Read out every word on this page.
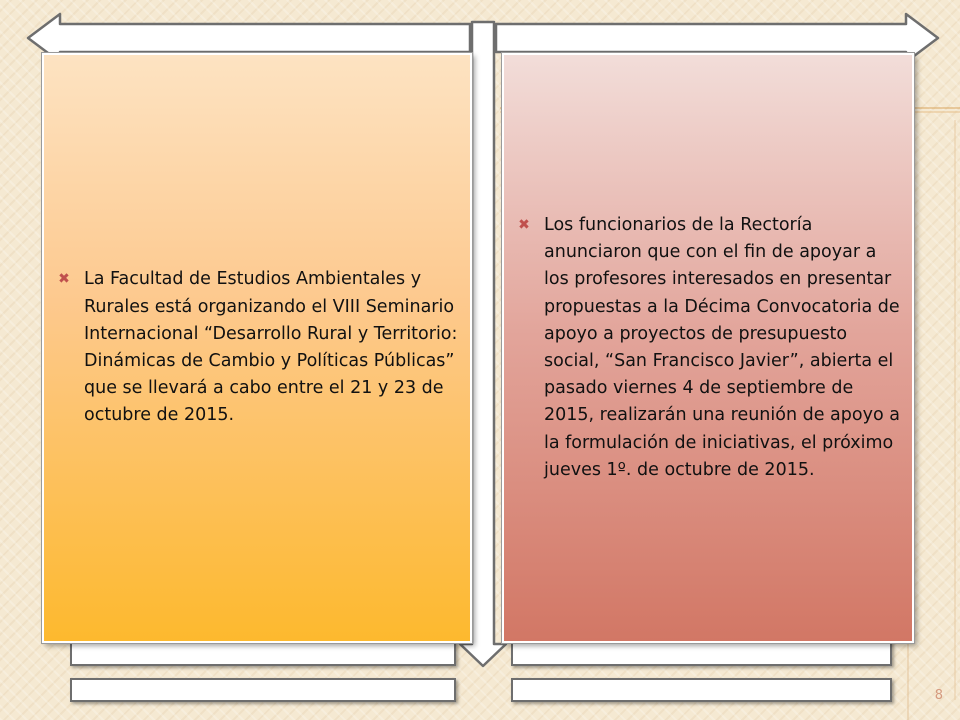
✖ La Facultad de Estudios Ambientales y Rurales está organizando el VIII Seminario Internacional “Desarrollo Rural y Territorio: Dinámicas de Cambio y Políticas Públicas” que se llevará a cabo entre el 21 y 23 de octubre de 2015.

✖ Los funcionarios de la Rectoría anunciaron que con el fin de apoyar a los profesores interesados en presentar propuestas a la Décima Convocatoria de apoyo a proyectos de presupuesto social, “San Francisco Javier”, abierta el pasado viernes 4 de septiembre de 2015, realizarán una reunión de apoyo a la formulación de iniciativas, el próximo jueves 1º. de octubre de 2015.

8
